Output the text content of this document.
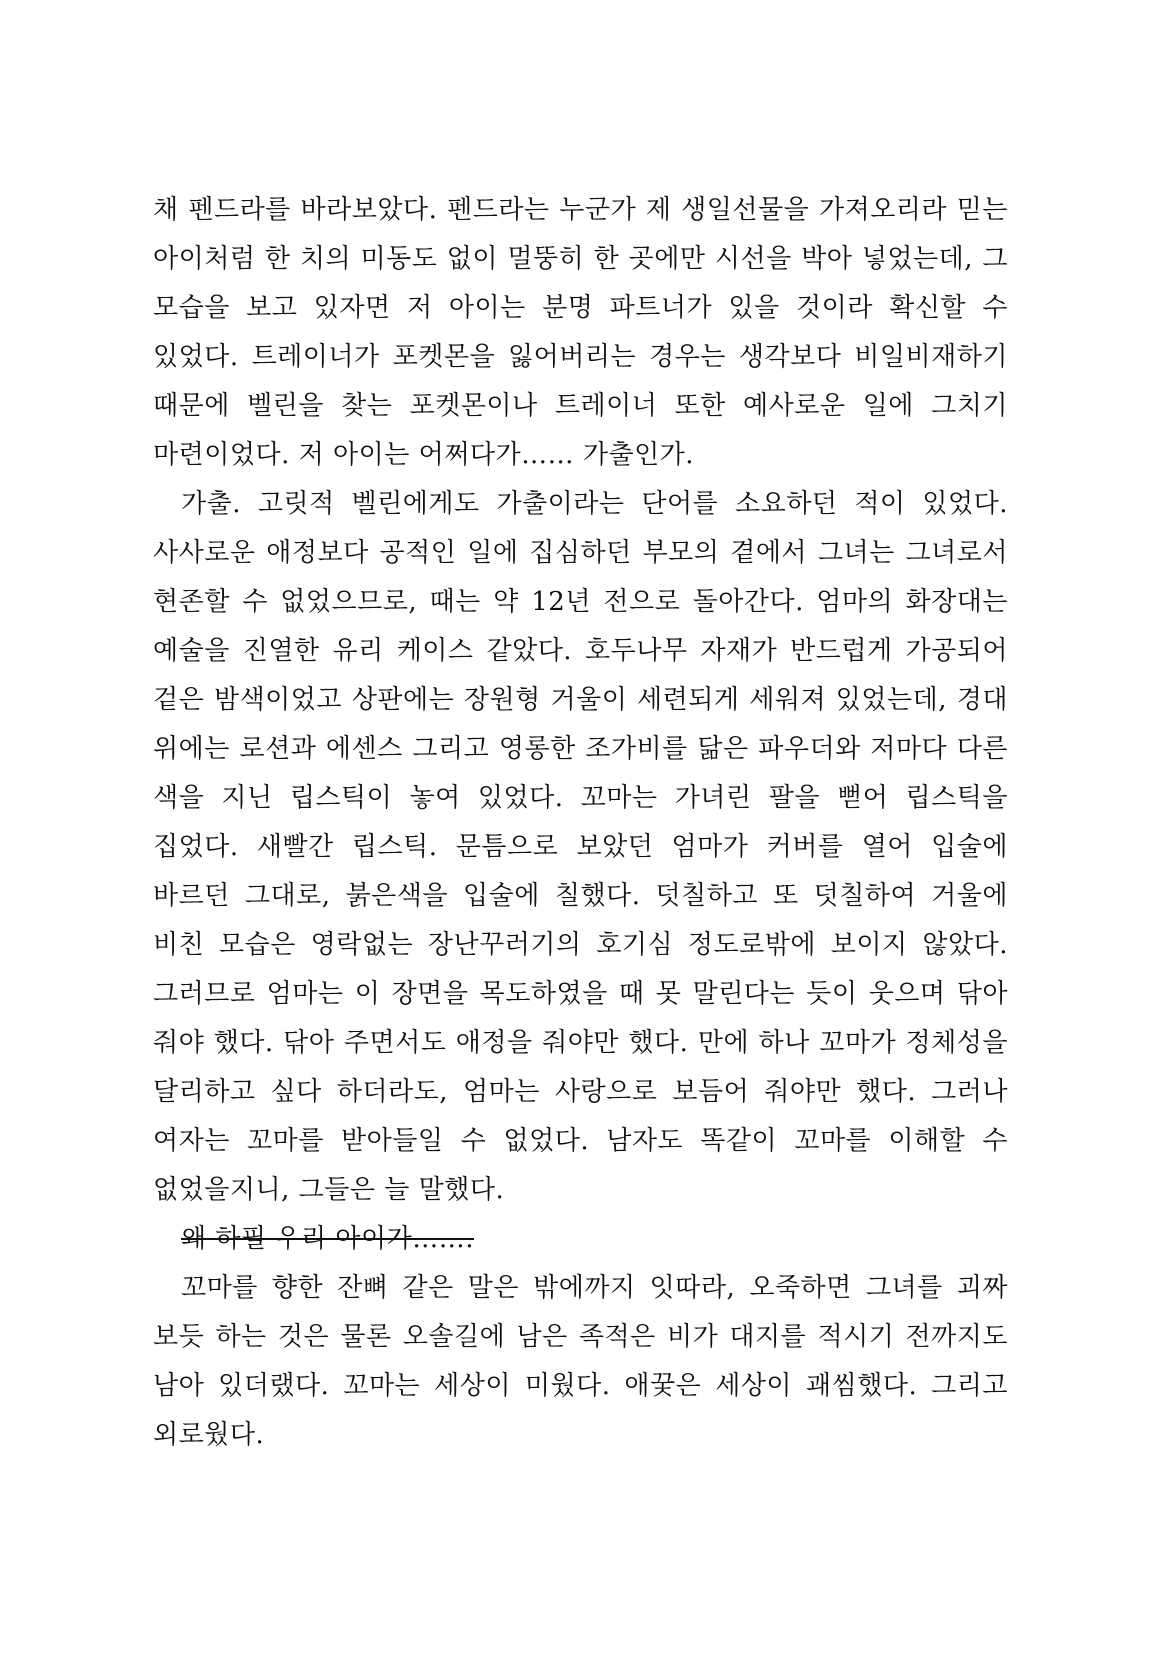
채 펜드라를 바라보았다. 펜드라는 누군가 제 생일선물을 가져오리라 믿는 아이처럼 한 치의 미동도 없이 멀뚱히 한 곳에만 시선을 박아 넣었는데, 그 모습을 보고 있자면 저 아이는 분명 파트너가 있을 것이라 확신할 수 있었다. 트레이너가 포켓몬을 잃어버리는 경우는 생각보다 비일비재하기 때문에 벨린을 찾는 포켓몬이나 트레이너 또한 예사로운 일에 그치기 마련이었다. 저 아이는 어쩌다가…… 가출인가.

가출. 고릿적 벨린에게도 가출이라는 단어를 소요하던 적이 있었다. 사사로운 애정보다 공적인 일에 집심하던 부모의 곁에서 그녀는 그녀로서 현존할 수 없었으므로, 때는 약 12년 전으로 돌아간다. 엄마의 화장대는 예술을 진열한 유리 케이스 같았다. 호두나무 자재가 반드럽게 가공되어 겉은 밤색이었고 상판에는 장원형 거울이 세련되게 세워져 있었는데, 경대 위에는 로션과 에센스 그리고 영롱한 조가비를 닮은 파우더와 저마다 다른 색을 지닌 립스틱이 놓여 있었다. 꼬마는 가녀린 팔을 뻗어 립스틱을 집었다. 새빨간 립스틱. 문틈으로 보았던 엄마가 커버를 열어 입술에 바르던 그대로, 붉은색을 입술에 칠했다. 덧칠하고 또 덧칠하여 거울에 비친 모습은 영락없는 장난꾸러기의 호기심 정도로밖에 보이지 않았다. 그러므로 엄마는 이 장면을 목도하였을 때 못 말린다는 듯이 웃으며 닦아 줘야 했다. 닦아 주면서도 애정을 줘야만 했다. 만에 하나 꼬마가 정체성을 달리하고 싶다 하더라도, 엄마는 사랑으로 보듬어 줘야만 했다. 그러나 여자는 꼬마를 받아들일 수 없었다. 남자도 똑같이 꼬마를 이해할 수 없었을지니, 그들은 늘 말했다.

왜 하필 우리 아이가…….

꼬마를 향한 잔뼈 같은 말은 밖에까지 잇따라, 오죽하면 그녀를 괴짜 보듯 하는 것은 물론 오솔길에 남은 족적은 비가 대지를 적시기 전까지도 남아 있더랬다. 꼬마는 세상이 미웠다. 애꿎은 세상이 괘씸했다. 그리고 외로웠다.
